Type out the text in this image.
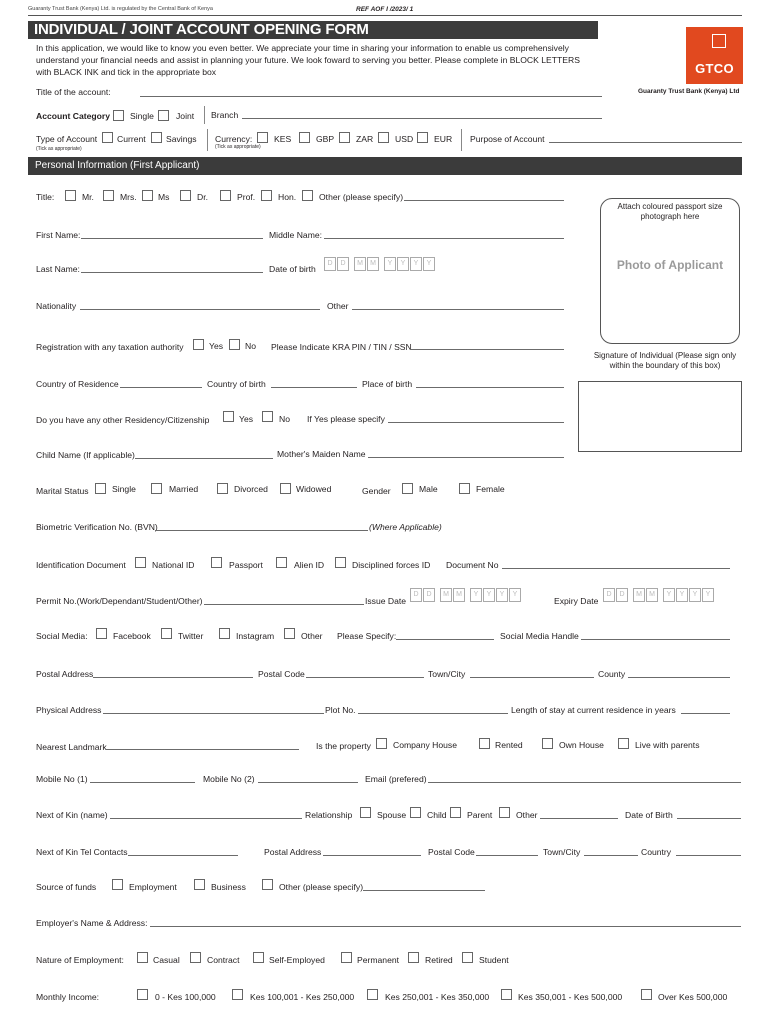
Guaranty Trust Bank (Kenya) Ltd. is regulated by the Central Bank of Kenya	REF AOF I /2023/ 1
INDIVIDUAL / JOINT ACCOUNT OPENING FORM
In this application, we would like to know you even better. We appreciate your time in sharing your information to enable us comprehensively understand your financial needs and assist in planning your future. We look foward to serving you better. Please complete in BLOCK LETTERS with BLACK INK and tick in the appropriate box	GTCO
Guaranty Trust Bank (Kenya) Ltd
Title of the account:
Account Category Single	Joint Branch
Type of Account
(Tick as appropriate)
Current Savings Currency:
(Tick as appropriate)
KES	GBP	ZAR	USD EUR Purpose of Account
Personal Information (First Applicant)
Attach coloured passport size photograph here
Photo of Applicant
Signature of Individual (Please sign only within the boundary of this box)
Title:	Mr.	Mrs. Ms	Dr.	Prof.	Hon.	Other (please specify)
First Name:	Middle Name:
Last Name:	Date of birth
D	D	M	M	Y	Y	Y	Y
Nationality	Other
Registration with any taxation authority	Yes	No Please Indicate KRA PIN / TIN / SSN
Country of Residence	Country of birth	Place of birth
Do you have any other Residency/Citizenship	Yes	No If Yes please specify
Child Name (If applicable)	Mother's Maiden Name
Marital Status	Single	Married	Divorced	Widowed	Gender	Male	Female
Biometric Verification No. (BVN)	(Where Applicable)
Identification Document	National ID	Passport	Alien ID	Disciplined forces ID Document No
Permit No.(Work/Dependant/Student/Other)	Issue Date
D	D	M	M	Y	Y	Y	Y
Expiry Date
D	D	M	M	Y	Y	Y	Y
Social Media:	Facebook	Twitter	Instagram	Other Please Specify:	Social Media Handle
Postal Address	Postal Code	Town/City	County
Physical Address	Plot No.	Length of stay at current residence in years
Nearest Landmark	Is the property	Company House	Rented	Own House	Live with parents
Mobile No (1)	Mobile No (2)	Email (prefered)
Next of Kin (name)	Relationship	Spouse Child Parent	Other	Date of Birth
Next of Kin Tel Contacts	Postal Address	Postal Code	Town/City	Country
Source of funds	Employment	Business	Other (please specify)
Employer's Name & Address:
Nature of Employment:	Casual	Contract	Self-Employed	Permanent	Retired	Student
Monthly Income:	0 - Kes 100,000	Kes 100,001 - Kes 250,000	Kes 250,001 - Kes 350,000	Kes 350,001 - Kes 500,000	Over Kes 500,000
